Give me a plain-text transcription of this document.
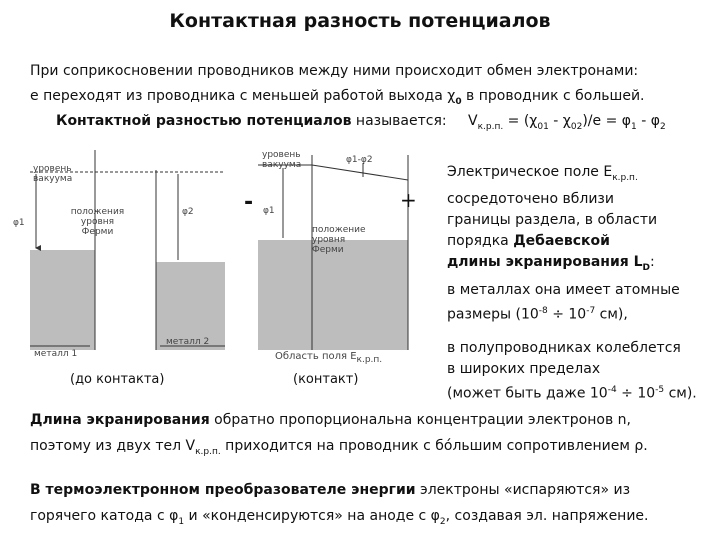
Контактная разность потенциалов
При соприкосновении проводников между ними происходит обмен электронами:
e переходят из проводника с меньшей работой выхода $\chi_0$ в проводник с большей.
Контактной разностью потенциалов называется: $V_{к.р.п.} = (\chi_{01} - \chi_{02})/e = \varphi_1 - \varphi_2$
уровень вакуума
положения уровня Ферми
φ1
φ2
металл 1
металл 2
(до контакта)
уровень вакуума	φ1-φ2
φ1
положение уровня Ферми
-	+
Область поля $Е_{к.р.п.}$
(контакт)
Электрическое поле $Е_{к.р.п.}$
сосредоточено вблизи
границы раздела, в области
порядка Дебаевской
длины экранирования $L_D$:
в металлах она имеет атомные
размеры ($10^{-8} \div 10^{-7}$ см),
в полупроводниках колеблется
в широких пределах
(может быть даже $10^{-4} \div 10^{-5}$ см).
Длина экранирования обратно пропорциональна концентрации электронов n,
поэтому из двух тел $V_{к.р.п.}$ приходится на проводник с бо́льшим сопротивлением ρ.
В термоэлектронном преобразователе энергии электроны «испаряются» из
горячего катода с $\varphi_1$ и «конденсируются» на аноде с $\varphi_2$, создавая эл. напряжение.
